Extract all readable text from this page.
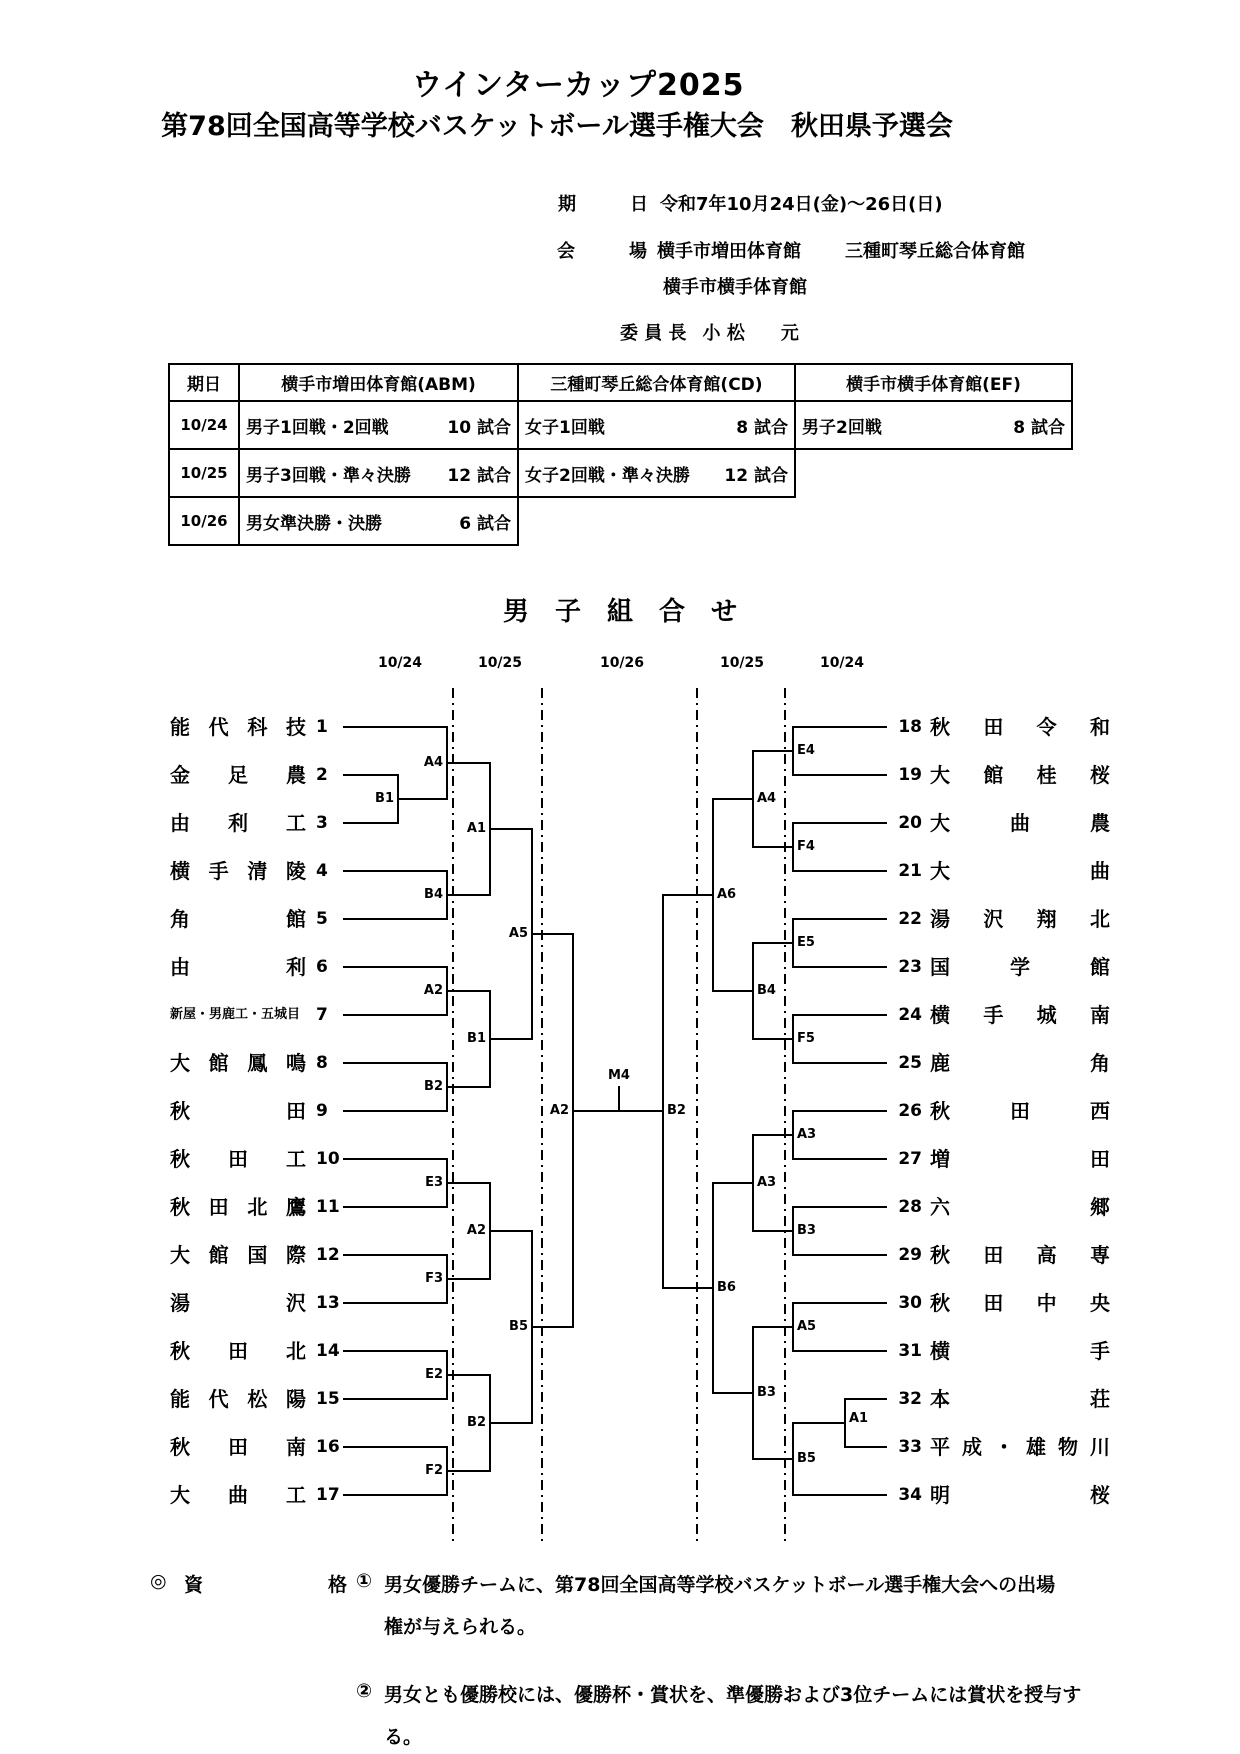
ウインターカップ2025
第78回全国高等学校バスケットボール選手権大会　秋田県予選会
期　　　日 令和7年10月24日(金)～26日(日)
会　　　場 横手市増田体育館 三種町琴丘総合体育館
横手市横手体育館
委 員 長 小 松　　元
期日	横手市増田体育館(ABM)	三種町琴丘総合体育館(CD)	横手市横手体育館(EF)
10/24	男子1回戦・2回戦	10 試合 女子1回戦	8 試合 男子2回戦	8 試合
10/25	男子3回戦・準々決勝 12 試合 女子2回戦・準々決勝 12 試合
10/26	男女準決勝・決勝	6 試合
男　子　組　合　せ
10/24	10/25	10/26	10/25	10/24
M4
能 代 科 技 1
金 足 農 2
由 利 工 3
横 手 清 陵 4
角	館 5
由	利 6
新屋・男鹿工・五城目 7
大 館 鳳 鳴 8
秋	田 9
秋 田 工 10
秋 田 北 鷹 11
大 館 国 際 12
湯	沢 13
秋 田 北 14
能 代 松 陽 15
秋 田 南 16
大 曲 工 17
18 秋 田 令 和
19 大 館 桂 桜
20 大	曲	農
21 大	曲
22 湯 沢 翔 北
23 国	学	館
24 横 手 城 南
25 鹿	角
26 秋	田	西
27 増	田
28 六	郷
29 秋 田 高 専
30 秋 田 中 央
31 横	手
32 本	荘
33 平 成 ・ 雄 物 川
34 明	桜
A4
B1
B4
A2
B2
E3
F3
E2
F2
A1
B1
A2
B2
A5
B5
A2
E4
F4
E5
F5
A3
B3
A5
A1
B5
A4
B4
A3
B3
A6
B6
B2
◎ 資	格 ① 男女優勝チームに、第78回全国高等学校バスケットボール選手権大会への出場
権が与えられる。
② 男女とも優勝校には、優勝杯・賞状を、準優勝および3位チームには賞状を授与す
る。
